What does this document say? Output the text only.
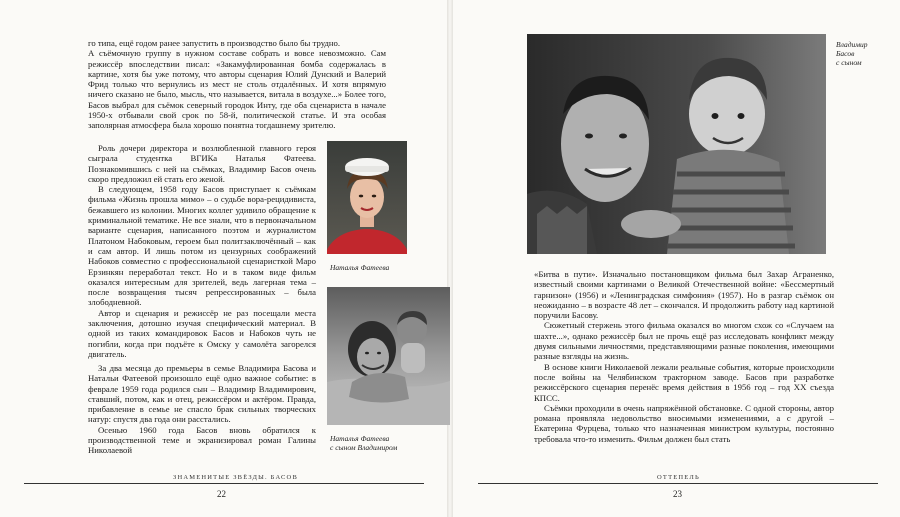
го типа, ещё годом ранее запустить в производство было бы трудно.

А съёмочную группу в нужном составе собрать и вовсе невозможно. Сам режиссёр впоследствии писал: «Закамуфлированная бомба содержалась в картине, хотя бы уже потому, что авторы сценария Юлий Дунский и Валерий Фрид только что вернулись из мест не столь отдалённых. И хотя впрямую ничего сказано не было, мысль, что называется, витала в воздухе...» Более того, Басов выбрал для съёмок северный городок Инту, где оба сценариста в начале 1950-х отбывали свой срок по 58-й, политической статье. И эта особая заполярная атмосфера была хорошо понятна тогдашнему зрителю.

Роль дочери директора и возлюбленной главного героя сыграла студентка ВГИКа Наталья Фатеева. Познакомившись с ней на съёмках, Владимир Басов очень скоро предложил ей стать его женой.

В следующем, 1958 году Басов приступает к съёмкам фильма «Жизнь прошла мимо» – о судьбе вора-рецидивиста, бежавшего из колонии. Многих коллег удивило обращение к криминальной тематике. Не все знали, что в первоначальном варианте сценария, написанного поэтом и журналистом Платоном Набоковым, героем был политзаключённый – как и сам автор. И лишь потом из цензурных соображений Набоков совместно с профессиональной сценаристкой Маро Ерзинкян переработал текст. Но и в таком виде фильм оказался интересным для зрителей, ведь лагерная тема – после возвращения тысяч репрессированных – была злободневной.

Автор и сценария и режиссёр не раз посещали места заключения, дотошно изучая специфический материал. В одной из таких командировок Басов и Набоков чуть не погибли, когда при подъёте к Омску у самолёта загорелся двигатель.

За два месяца до премьеры в семье Владимира Басова и Натальи Фатеевой произошло ещё одно важное событие: в феврале 1959 года родился сын – Владимир Владимирович, ставший, потом, как и отец, режиссёром и актёром. Правда, прибавление в семье не спасло брак сильных творческих натур: спустя два года они расстались.

Осенью 1960 года Басов вновь обратился к производственной теме и экранизировал роман Галины Николаевой

Наталья Фатеева
Наталья Фатеева
с сыном Владимиром
ЗНАМЕНИТЫЕ ЗВЁЗДЫ. БАСОВ
22
Владимир
Басов
с сыном

«Битва в пути». Изначально постановщиком фильма был Захар Аграненко, известный своими картинами о Великой Отечественной войне: «Бессмертный гарнизон» (1956) и «Ленинградская симфония» (1957). Но в разгар съёмок он неожиданно – в возрасте 48 лет – скончался. И продолжить работу над картиной поручили Басову.

Сюжетный стержень этого фильма оказался во многом схож со «Случаем на шахте...», однако режиссёр был не прочь ещё раз исследовать конфликт между двумя сильными личностями, представляющими разные поколения, имеющими разные взгляды на жизнь.

В основе книги Николаевой лежали реальные события, которые происходили после войны на Челябинском тракторном заводе. Басов при разработке режиссёрского сценария перенёс время действия в 1956 год – год XX съезда КПСС.

Съёмки проходили в очень напряжённой обстановке. С одной стороны, автор романа проявляла недовольство вносимыми изменениями, а с другой – Екатерина Фурцева, только что назначенная министром культуры, постоянно требовала что-то изменить. Фильм должен был стать

ОТТЕПЕЛЬ
23
